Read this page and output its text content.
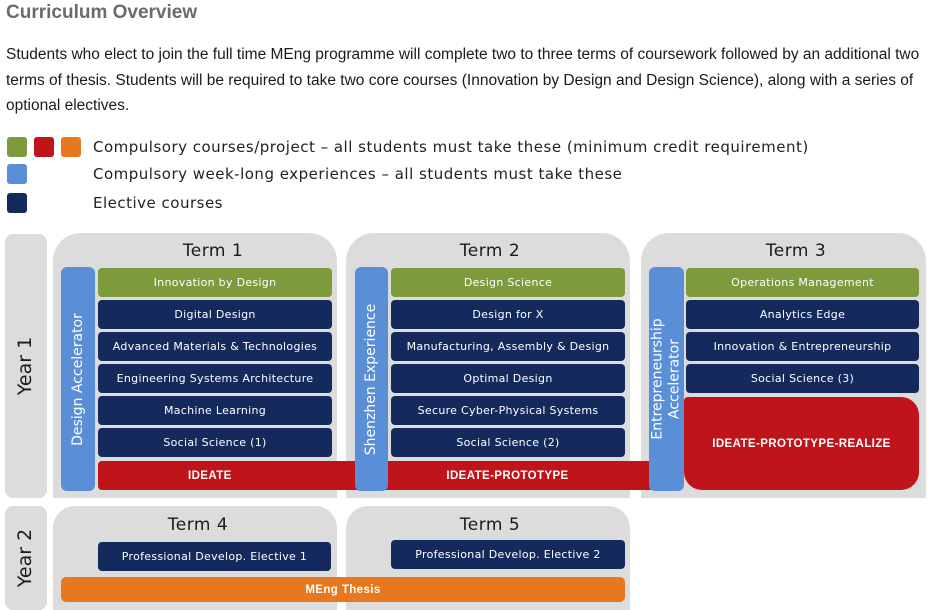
Curriculum Overview
Students who elect to join the full time MEng programme will complete two to three terms of coursework followed by an additional two terms of thesis. Students will be required to take two core courses (Innovation by Design and Design Science), along with a series of optional electives.
Compulsory courses/project – all students must take these (minimum credit requirement)
Compulsory week-long experiences – all students must take these
Elective courses
Year 1
Year 2
Term 1	Term 2	Term 3
Term 4	Term 5
IDEATE	IDEATE-PROTOTYPE
IDEATE-PROTOTYPE-REALIZE
Design Accelerator	Shenzhen Experience	Entrepreneurship
Accelerator
Innovation by Design
Digital Design
Advanced Materials & Technologies
Engineering Systems Architecture
Machine Learning
Social Science (1)
Design Science
Design for X
Manufacturing, Assembly & Design
Optimal Design
Secure Cyber-Physical Systems
Social Science (2)
Operations Management
Analytics Edge
Innovation & Entrepreneurship
Social Science (3)
Professional Develop. Elective 1	Professional Develop. Elective 2
MEng Thesis
